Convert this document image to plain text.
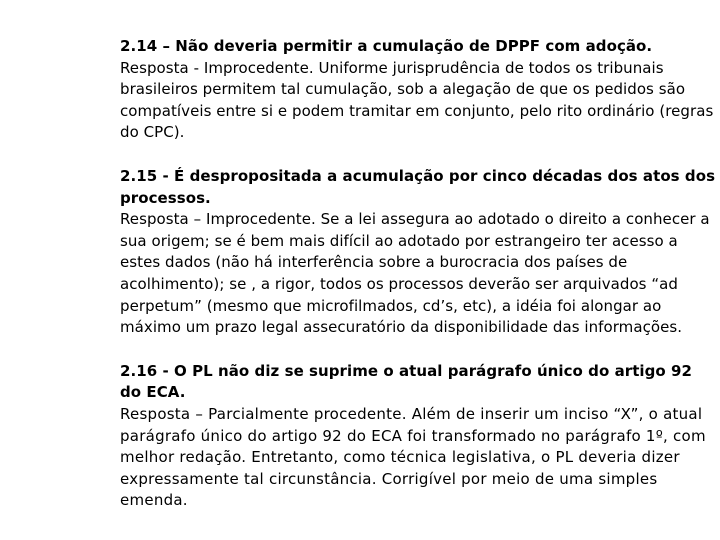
2.14 – Não deveria permitir a cumulação de DPPF com adoção.
Resposta - Improcedente. Uniforme jurisprudência de todos os tribunais brasileiros permitem tal cumulação, sob a alegação de que os pedidos são compatíveis entre si e podem tramitar em conjunto, pelo rito ordinário (regras do CPC).
2.15 - É despropositada a acumulação por cinco décadas dos atos dos processos.
Resposta – Improcedente. Se a lei assegura ao adotado o direito a conhecer a sua origem; se é bem mais difícil ao adotado por estrangeiro ter acesso a estes dados (não há interferência sobre a burocracia dos países de acolhimento); se , a rigor, todos os processos deverão ser arquivados “ad perpetum” (mesmo que microfilmados, cd’s, etc), a idéia foi alongar ao máximo um prazo legal assecuratório da disponibilidade das informações.
2.16 - O PL não diz se suprime o atual parágrafo único do artigo 92 do ECA.
Resposta – Parcialmente procedente. Além de inserir um inciso “X”, o atual parágrafo único do artigo 92 do ECA foi transformado no parágrafo 1º, com melhor redação. Entretanto, como técnica legislativa, o PL deveria dizer expressamente tal circunstância. Corrigível por meio de uma simples emenda.
